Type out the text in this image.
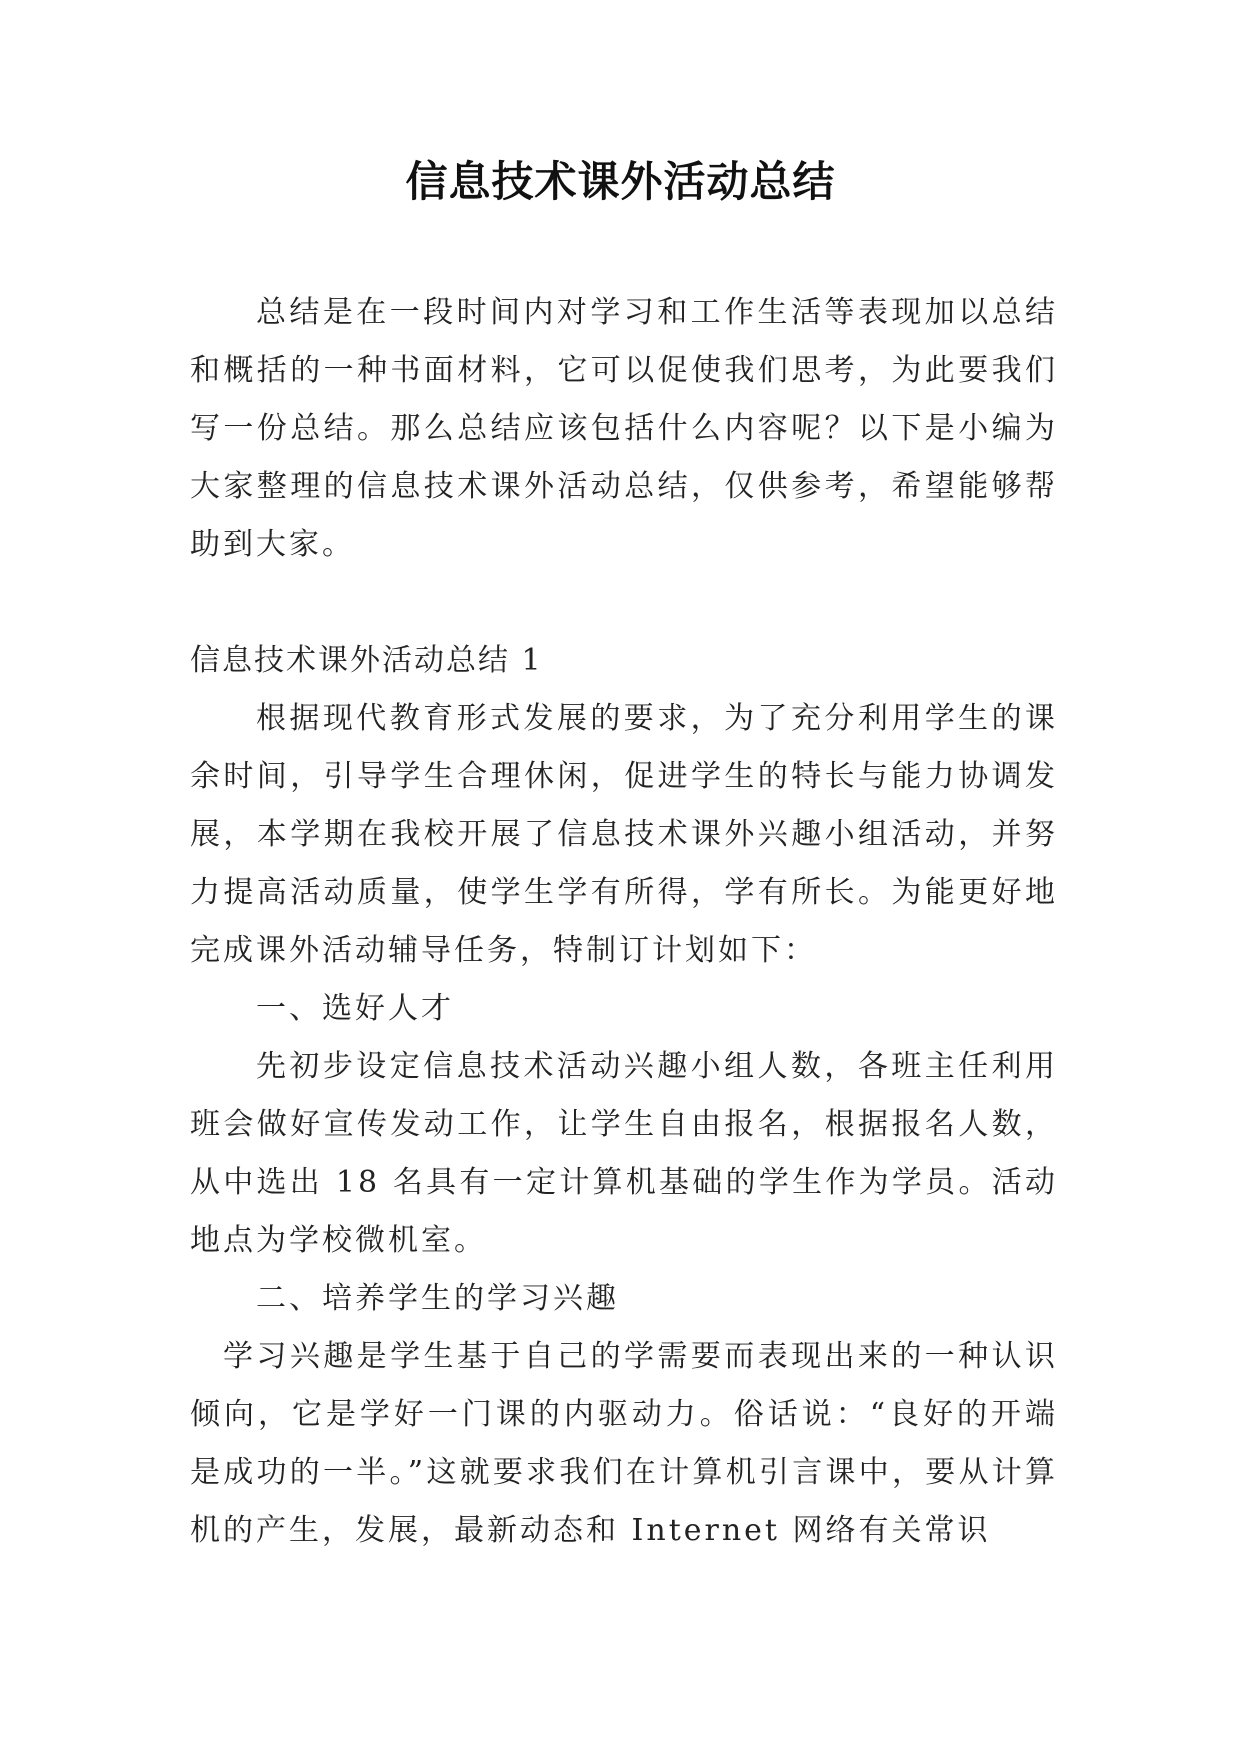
信息技术课外活动总结

总结是在一段时间内对学习和工作生活等表现加以总结和概括的一种书面材料，它可以促使我们思考，为此要我们写一份总结。那么总结应该包括什么内容呢？以下是小编为大家整理的信息技术课外活动总结，仅供参考，希望能够帮助到大家。

信息技术课外活动总结 1

根据现代教育形式发展的要求，为了充分利用学生的课余时间，引导学生合理休闲，促进学生的特长与能力协调发展，本学期在我校开展了信息技术课外兴趣小组活动，并努力提高活动质量，使学生学有所得，学有所长。为能更好地完成课外活动辅导任务，特制订计划如下：

一、选好人才

先初步设定信息技术活动兴趣小组人数，各班主任利用班会做好宣传发动工作，让学生自由报名，根据报名人数，从中选出 18 名具有一定计算机基础的学生作为学员。活动地点为学校微机室。

二、培养学生的学习兴趣

学习兴趣是学生基于自己的学需要而表现出来的一种认识倾向，它是学好一门课的内驱动力。俗话说：“良好的开端是成功的一半。”这就要求我们在计算机引言课中，要从计算机的产生，发展，最新动态和 Internet 网络有关常识
